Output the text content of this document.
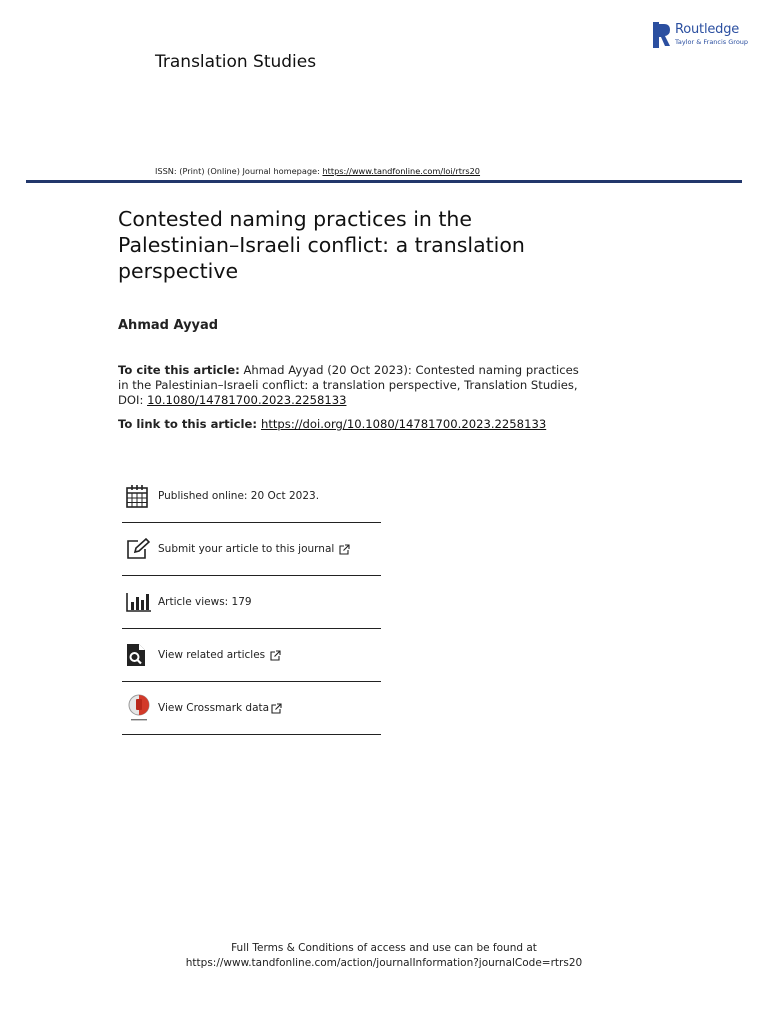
Routledge
Taylor & Francis Group
Translation Studies
ISSN: (Print) (Online) Journal homepage: https://www.tandfonline.com/loi/rtrs20
Contested naming practices in the Palestinian–Israeli conflict: a translation perspective
Ahmad Ayyad
To cite this article: Ahmad Ayyad (20 Oct 2023): Contested naming practices in the Palestinian–Israeli conflict: a translation perspective, Translation Studies, DOI: 10.1080/14781700.2023.2258133
To link to this article: https://doi.org/10.1080/14781700.2023.2258133
Published online: 20 Oct 2023.
Submit your article to this journal
Article views: 179
View related articles
View Crossmark data
Full Terms & Conditions of access and use can be found at
https://www.tandfonline.com/action/journalInformation?journalCode=rtrs20
